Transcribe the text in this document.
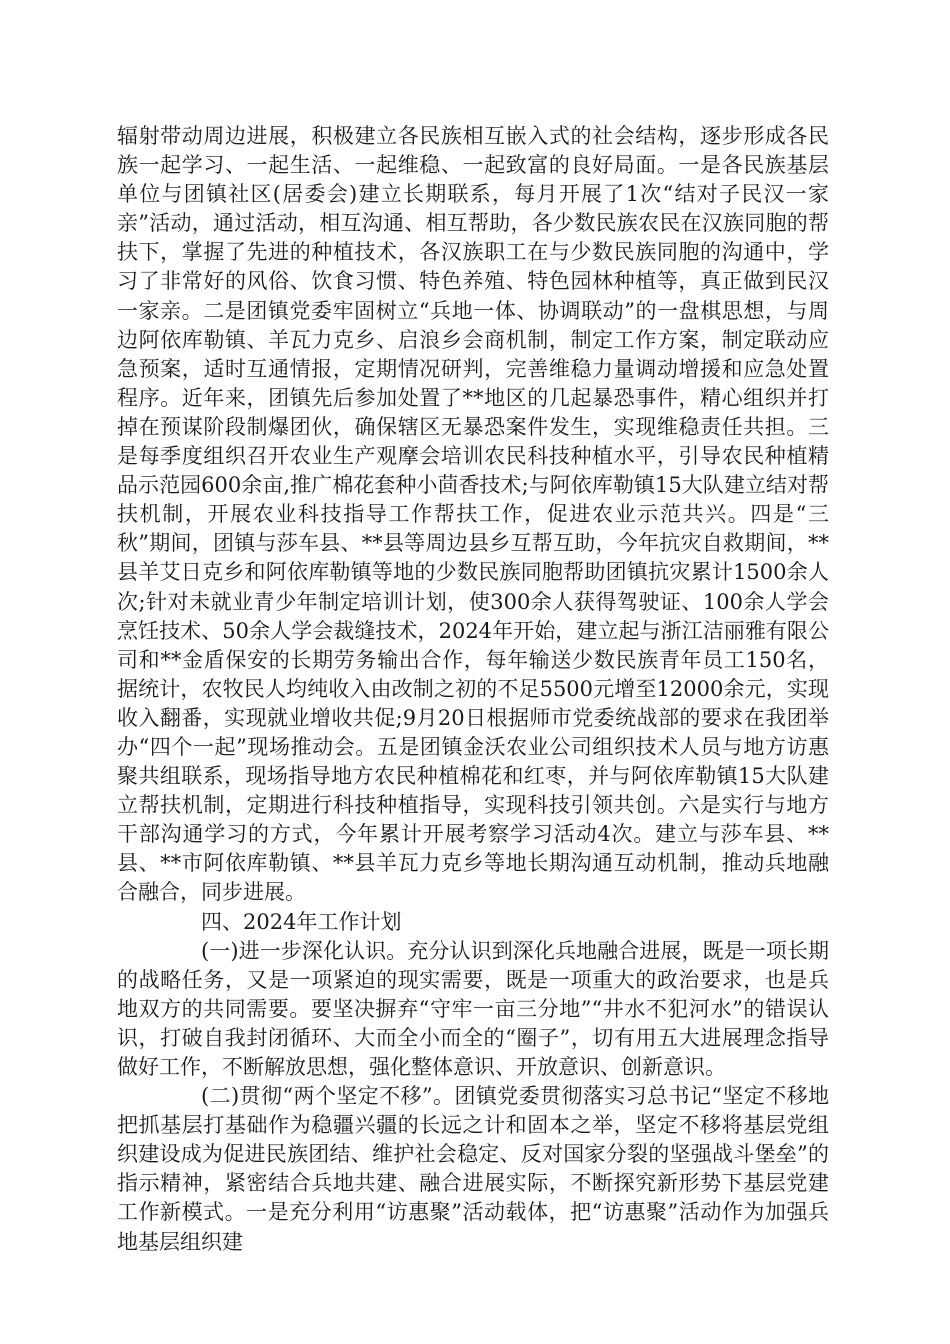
辐射带动周边进展，积极建立各民族相互嵌入式的社会结构，逐步形成各民族一起学习、一起生活、一起维稳、一起致富的良好局面。一是各民族基层单位与团镇社区(居委会)建立长期联系，每月开展了1次“结对子民汉一家亲”活动，通过活动，相互沟通、相互帮助，各少数民族农民在汉族同胞的帮扶下，掌握了先进的种植技术，各汉族职工在与少数民族同胞的沟通中，学习了非常好的风俗、饮食习惯、特色养殖、特色园林种植等，真正做到民汉一家亲。二是团镇党委牢固树立“兵地一体、协调联动”的一盘棋思想，与周边阿依库勒镇、羊瓦力克乡、启浪乡会商机制，制定工作方案，制定联动应急预案，适时互通情报，定期情况研判，完善维稳力量调动增援和应急处置程序。近年来，团镇先后参加处置了**地区的几起暴恐事件，精心组织并打掉在预谋阶段制爆团伙，确保辖区无暴恐案件发生，实现维稳责任共担。三是每季度组织召开农业生产观摩会培训农民科技种植水平，引导农民种植精品示范园600余亩,推广棉花套种小茴香技术;与阿依库勒镇15大队建立结对帮扶机制，开展农业科技指导工作帮扶工作，促进农业示范共兴。四是“三秋”期间，团镇与莎车县、**县等周边县乡互帮互助，今年抗灾自救期间，**县羊艾日克乡和阿依库勒镇等地的少数民族同胞帮助团镇抗灾累计1500余人次;针对未就业青少年制定培训计划，使300余人获得驾驶证、100余人学会烹饪技术、50余人学会裁缝技术，2024年开始，建立起与浙江洁丽雅有限公司和**金盾保安的长期劳务输出合作，每年输送少数民族青年员工150名，据统计，农牧民人均纯收入由改制之初的不足5500元增至12000余元，实现收入翻番，实现就业增收共促;9月20日根据师市党委统战部的要求在我团举办“四个一起”现场推动会。五是团镇金沃农业公司组织技术人员与地方访惠聚共组联系，现场指导地方农民种植棉花和红枣，并与阿依库勒镇15大队建立帮扶机制，定期进行科技种植指导，实现科技引领共创。六是实行与地方干部沟通学习的方式，今年累计开展考察学习活动4次。建立与莎车县、**县、**市阿依库勒镇、**县羊瓦力克乡等地长期沟通互动机制，推动兵地融合融合，同步进展。

四、2024年工作计划

(一)进一步深化认识。充分认识到深化兵地融合进展，既是一项长期的战略任务，又是一项紧迫的现实需要，既是一项重大的政治要求，也是兵地双方的共同需要。要坚决摒弃“守牢一亩三分地”“井水不犯河水”的错误认识，打破自我封闭循环、大而全小而全的“圈子”，切有用五大进展理念指导做好工作，不断解放思想，强化整体意识、开放意识、创新意识。

(二)贯彻“两个坚定不移”。团镇党委贯彻落实习总书记“坚定不移地把抓基层打基础作为稳疆兴疆的长远之计和固本之举，坚定不移将基层党组织建设成为促进民族团结、维护社会稳定、反对国家分裂的坚强战斗堡垒”的指示精神，紧密结合兵地共建、融合进展实际，不断探究新形势下基层党建工作新模式。一是充分利用“访惠聚”活动载体，把“访惠聚”活动作为加强兵地基层组织建
